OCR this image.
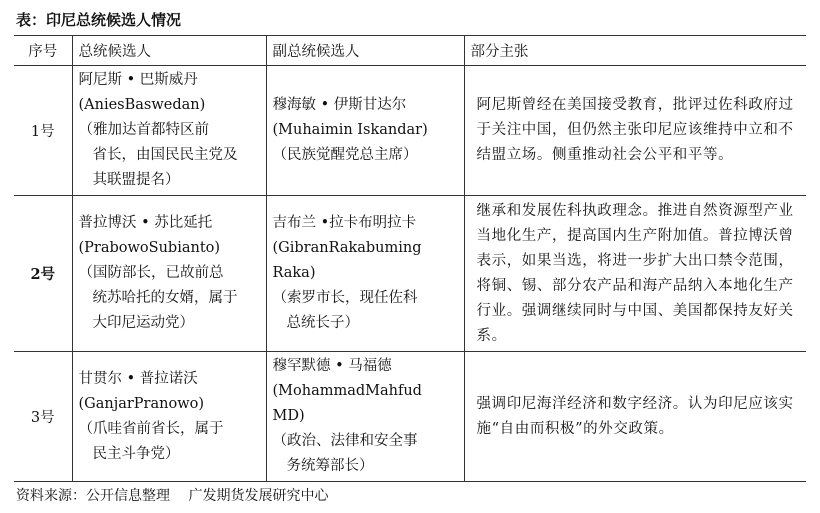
表：印尼总统候选人情况
序号	总统候选人	副总统候选人	部分主张
1号	阿尼斯 • 巴斯威丹
(AniesBaswedan)
（雅加达首都特区前
省长，由国民民主党及
其联盟提名）	穆海敏 • 伊斯甘达尔
(Muhaimin Iskandar)
（民族觉醒党总主席）	阿尼斯曾经在美国接受教育，批评过佐科政府过于关注中国，但仍然主张印尼应该维持中立和不结盟立场。侧重推动社会公平和平等。

2号	普拉博沃 • 苏比延托
(PrabowoSubianto)
（国防部长，已故前总
统苏哈托的女婿，属于
大印尼运动党）	吉布兰 •拉卡布明拉卡
(GibranRakabuming Raka)
（索罗市长，现任佐科
总统长子）	继承和发展佐科执政理念。推进自然资源型产业当地化生产，提高国内生产附加值。普拉博沃曾表示，如果当选，将进一步扩大出口禁令范围，将铜、锡、部分农产品和海产品纳入本地化生产行业。强调继续同时与中国、美国都保持友好关系。

3号	甘贯尔 • 普拉诺沃
(GanjarPranowo)
（爪哇省前省长，属于
民主斗争党）	穆罕默德 • 马福德
(MohammadMahfud MD)
（政治、法律和安全事
务统筹部长）	强调印尼海洋经济和数字经济。认为印尼应该实施“自由而积极”的外交政策。
资料来源：公开信息整理 广发期货发展研究中心
